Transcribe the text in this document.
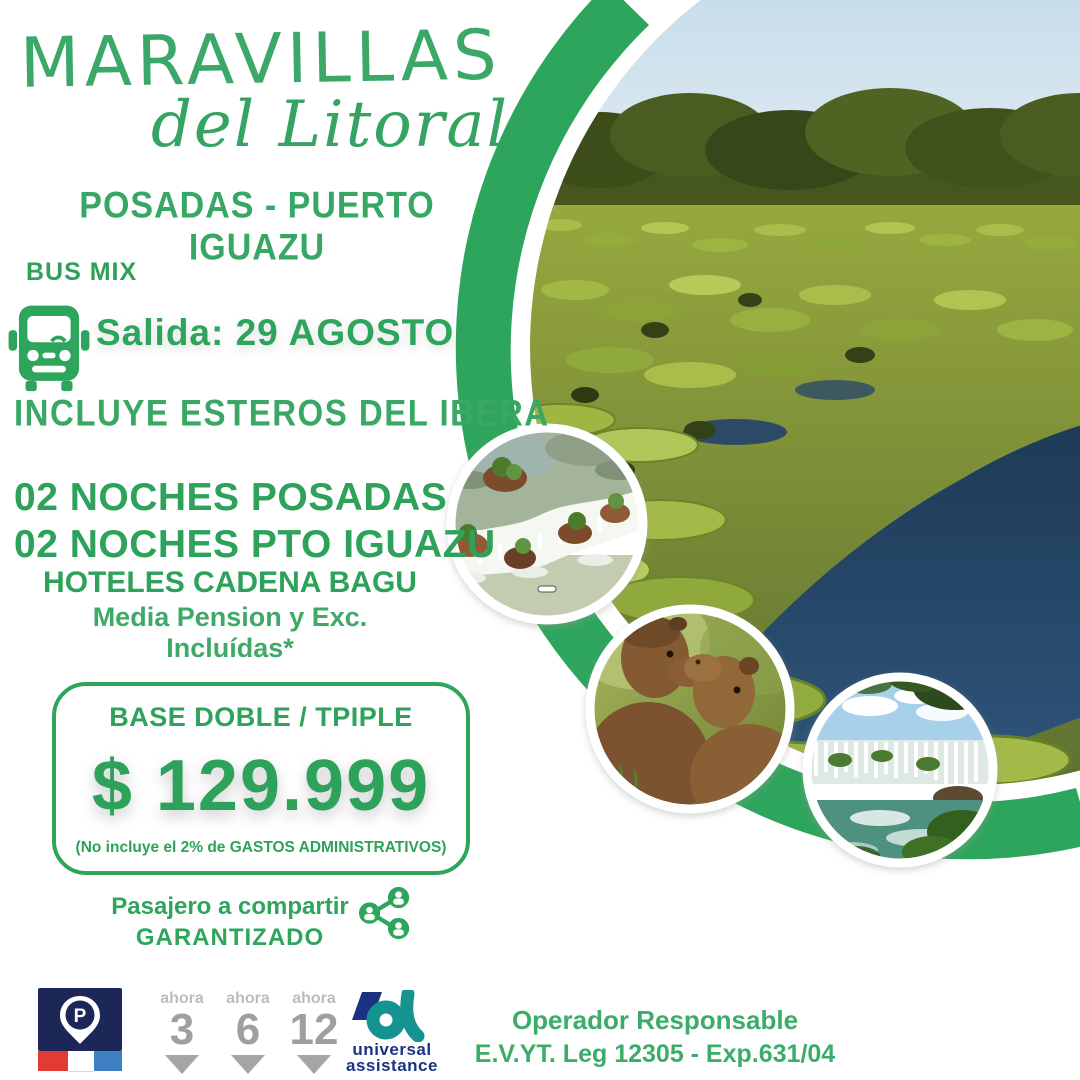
MARAVILLAS
del Litoral
POSADAS - PUERTO IGUAZU
BUS MIX
Salida: 29 AGOSTO
INCLUYE ESTEROS DEL IBERA
02 NOCHES POSADAS
02 NOCHES PTO IGUAZU
HOTELES CADENA BAGU
Media Pension y Exc. Incluídas*
BASE DOBLE / TPIPLE
$ 129.999
(No incluye el 2% de GASTOS ADMINISTRATIVOS)
Pasajero a compartir
GARANTIZADO
P
ahora
3
ahora
6
ahora
12 universal
assistance
Operador Responsable
E.V.YT. Leg 12305 - Exp.631/04
